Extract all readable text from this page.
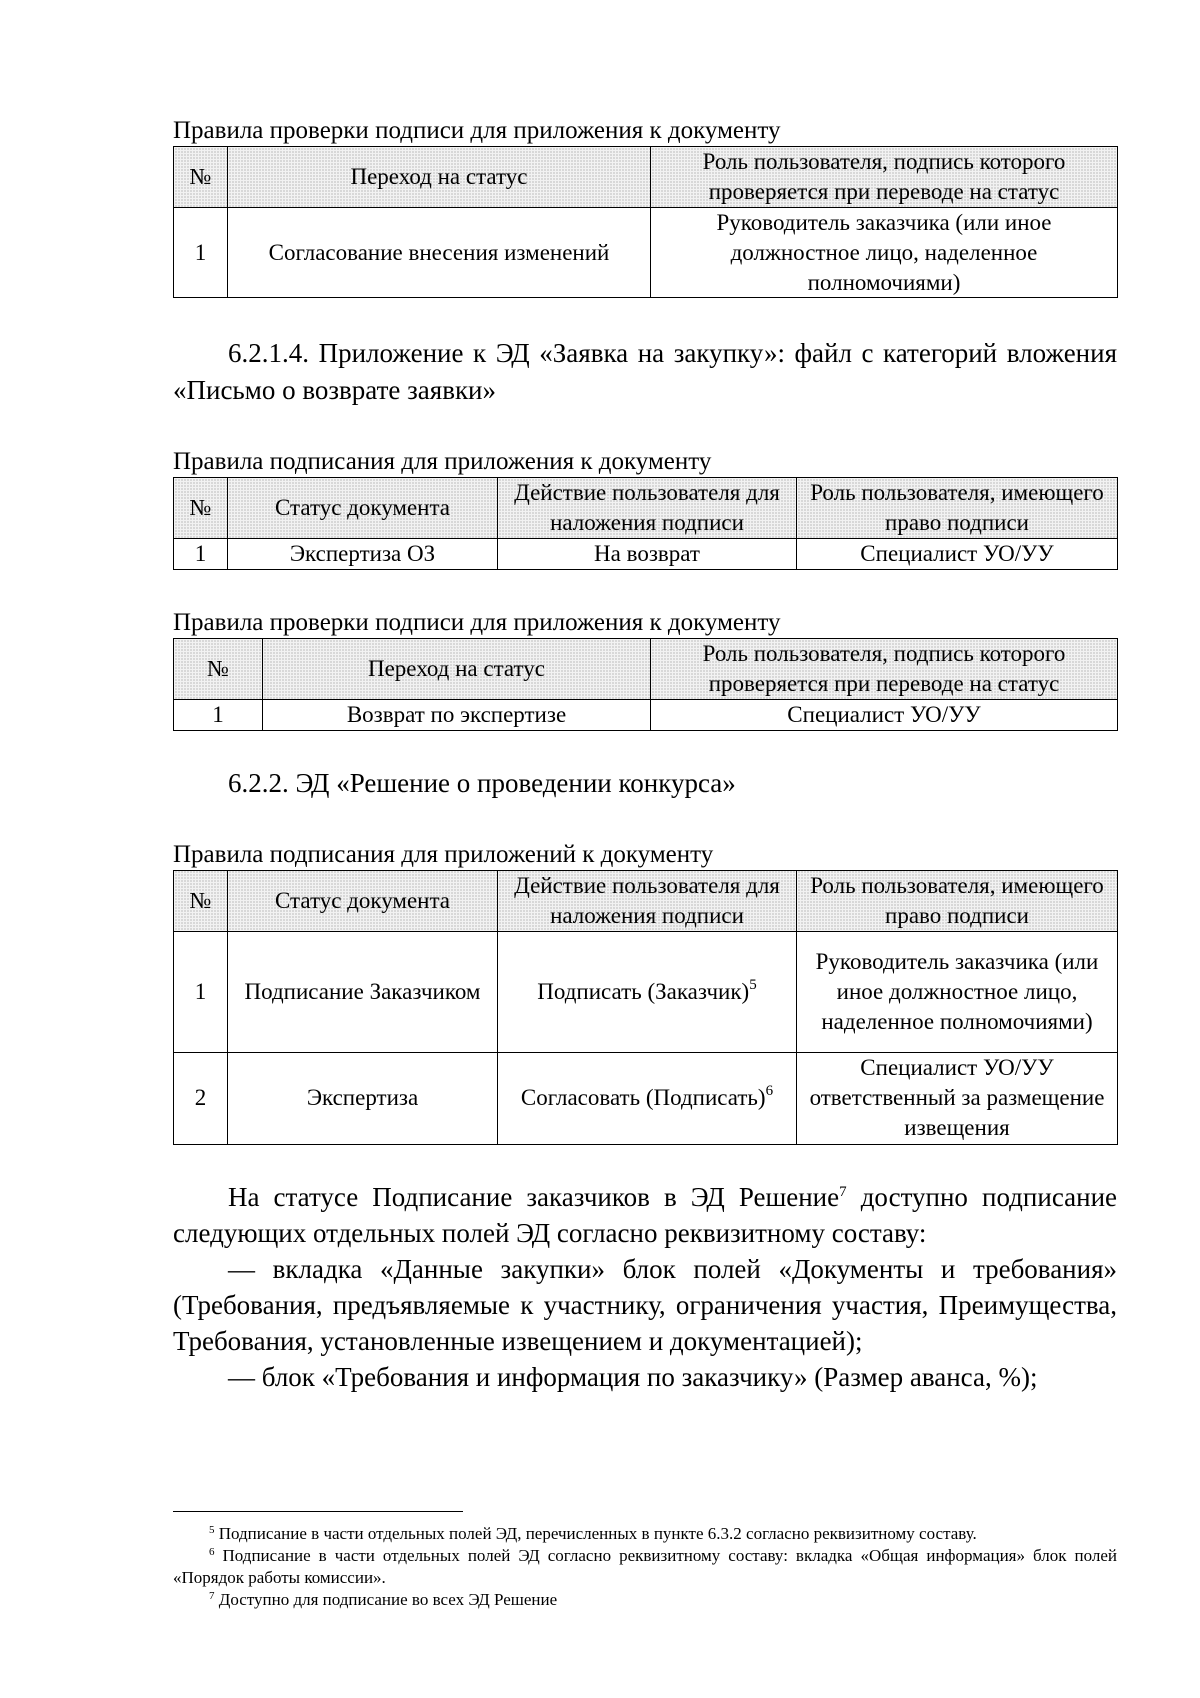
Правила проверки подписи для приложения к документу

№	Переход на статус	Роль пользователя, подпись которого проверяется при переводе на статус
1	Согласование внесения изменений	Руководитель заказчика (или иное должностное лицо, наделенное полномочиями)

6.2.1.4. Приложение к ЭД «Заявка на закупку»: файл с категорий вложения «Письмо о возврате заявки»

Правила подписания для приложения к документу

№	Статус документа	Действие пользователя для наложения подписи	Роль пользователя, имеющего право подписи
1	Экспертиза ОЗ	На возврат	Специалист УО/УУ

Правила проверки подписи для приложения к документу

№	Переход на статус	Роль пользователя, подпись которого проверяется при переводе на статус
1	Возврат по экспертизе	Специалист УО/УУ

6.2.2. ЭД «Решение о проведении конкурса»

Правила подписания для приложений к документу

№	Статус документа	Действие пользователя для наложения подписи	Роль пользователя, имеющего право подписи
1	Подписание Заказчиком	Подписать (Заказчик)$^5$	Руководитель заказчика (или иное должностное лицо, наделенное полномочиями)
2	Экспертиза	Согласовать (Подписать)$^6$	Специалист УО/УУ ответственный за размещение извещения

На статусе Подписание заказчиков в ЭД Решение$^7$ доступно подписание следующих отдельных полей ЭД согласно реквизитному составу:

— вкладка «Данные закупки» блок полей «Документы и требования» (Требования, предъявляемые к участнику, ограничения участия, Преимущества, Требования, установленные извещением и документацией);

— блок «Требования и информация по заказчику» (Размер аванса, %);

$^5$ Подписание в части отдельных полей ЭД, перечисленных в пункте 6.3.2 согласно реквизитному составу.

$^6$ Подписание в части отдельных полей ЭД согласно реквизитному составу: вкладка «Общая информация» блок полей «Порядок работы комиссии».

$^7$ Доступно для подписание во всех ЭД Решение
